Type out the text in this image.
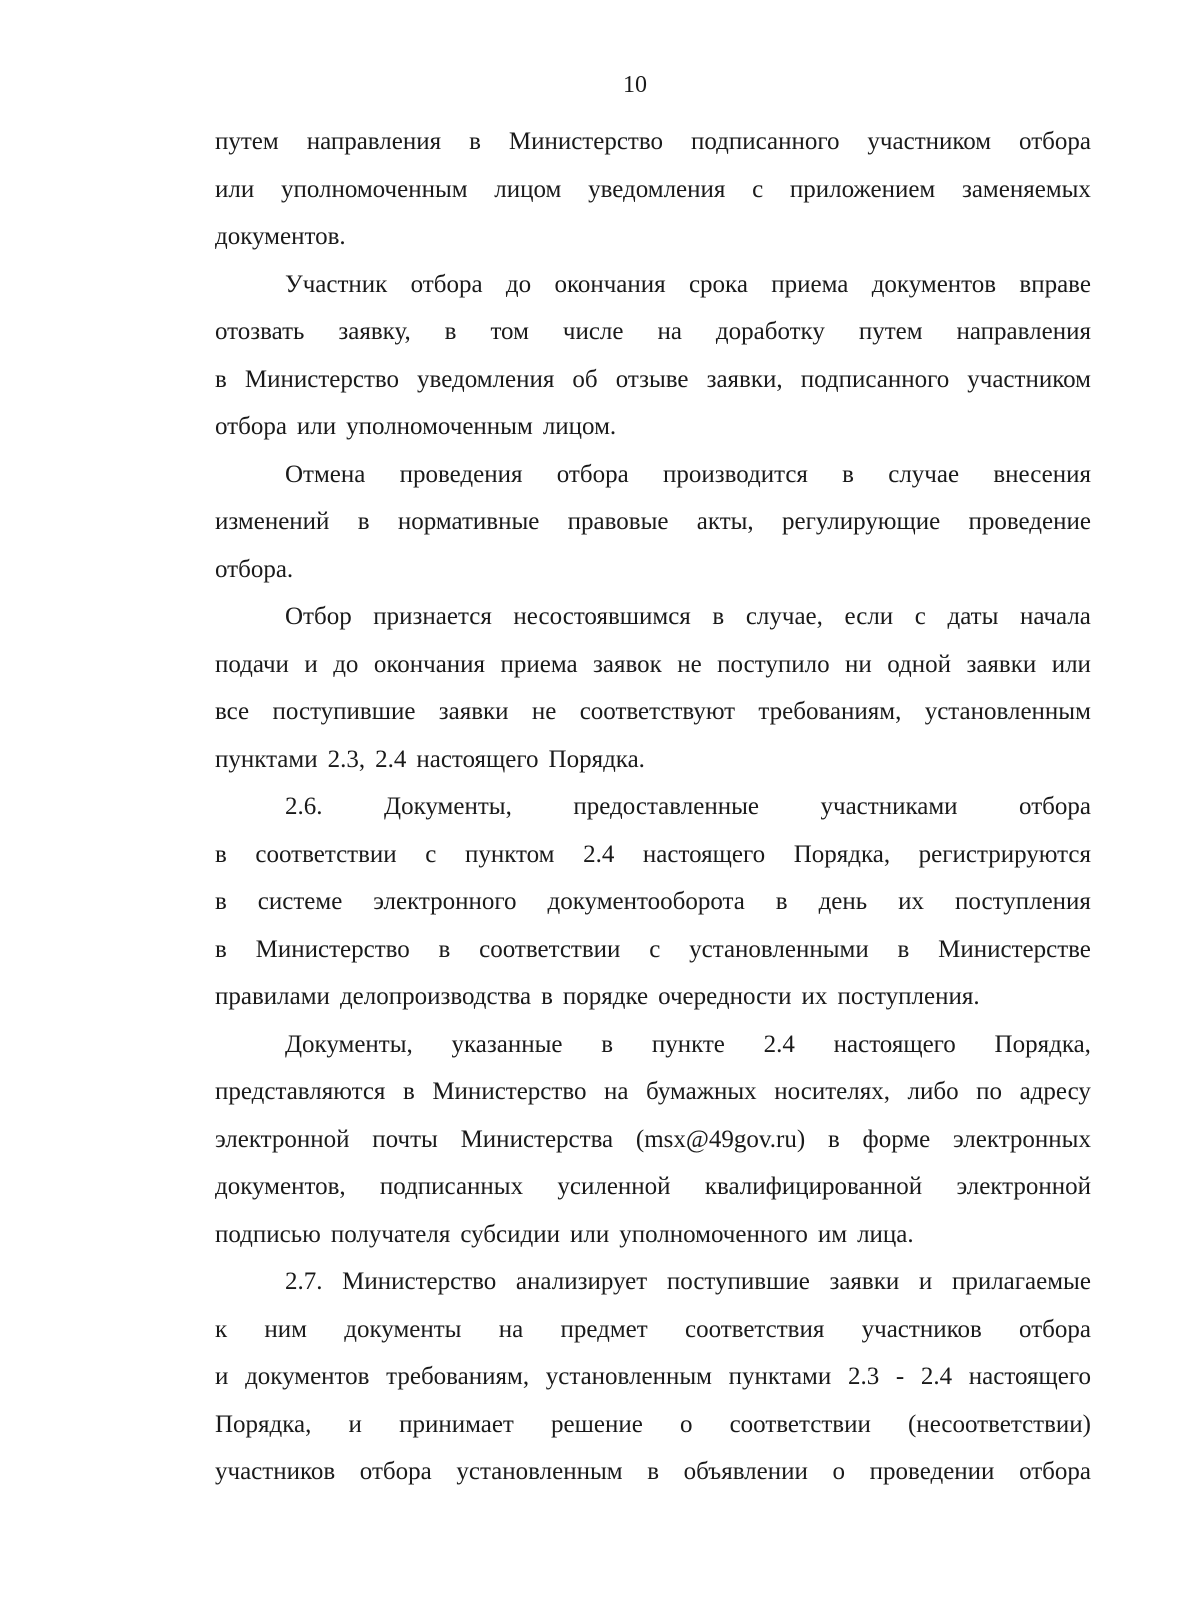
10
путем направления в Министерство подписанного участником отбора
или уполномоченным лицом уведомления с приложением заменяемых
документов.
Участник отбора до окончания срока приема документов вправе
отозвать заявку, в том числе на доработку путем направления
в Министерство уведомления об отзыве заявки, подписанного участником
отбора или уполномоченным лицом.
Отмена проведения отбора производится в случае внесения
изменений в нормативные правовые акты, регулирующие проведение
отбора.
Отбор признается несостоявшимся в случае, если с даты начала
подачи и до окончания приема заявок не поступило ни одной заявки или
все поступившие заявки не соответствуют требованиям, установленным
пунктами 2.3, 2.4 настоящего Порядка.
2.6. Документы, предоставленные участниками отбора
в соответствии с пунктом 2.4 настоящего Порядка, регистрируются
в системе электронного документооборота в день их поступления
в Министерство в соответствии с установленными в Министерстве
правилами делопроизводства в порядке очередности их поступления.
Документы, указанные в пункте 2.4 настоящего Порядка,
представляются в Министерство на бумажных носителях, либо по адресу
электронной почты Министерства (msx@49gov.ru) в форме электронных
документов, подписанных усиленной квалифицированной электронной
подписью получателя субсидии или уполномоченного им лица.
2.7. Министерство анализирует поступившие заявки и прилагаемые
к ним документы на предмет соответствия участников отбора
и документов требованиям, установленным пунктами 2.3 - 2.4 настоящего
Порядка, и принимает решение о соответствии (несоответствии)
участников отбора установленным в объявлении о проведении отбора
